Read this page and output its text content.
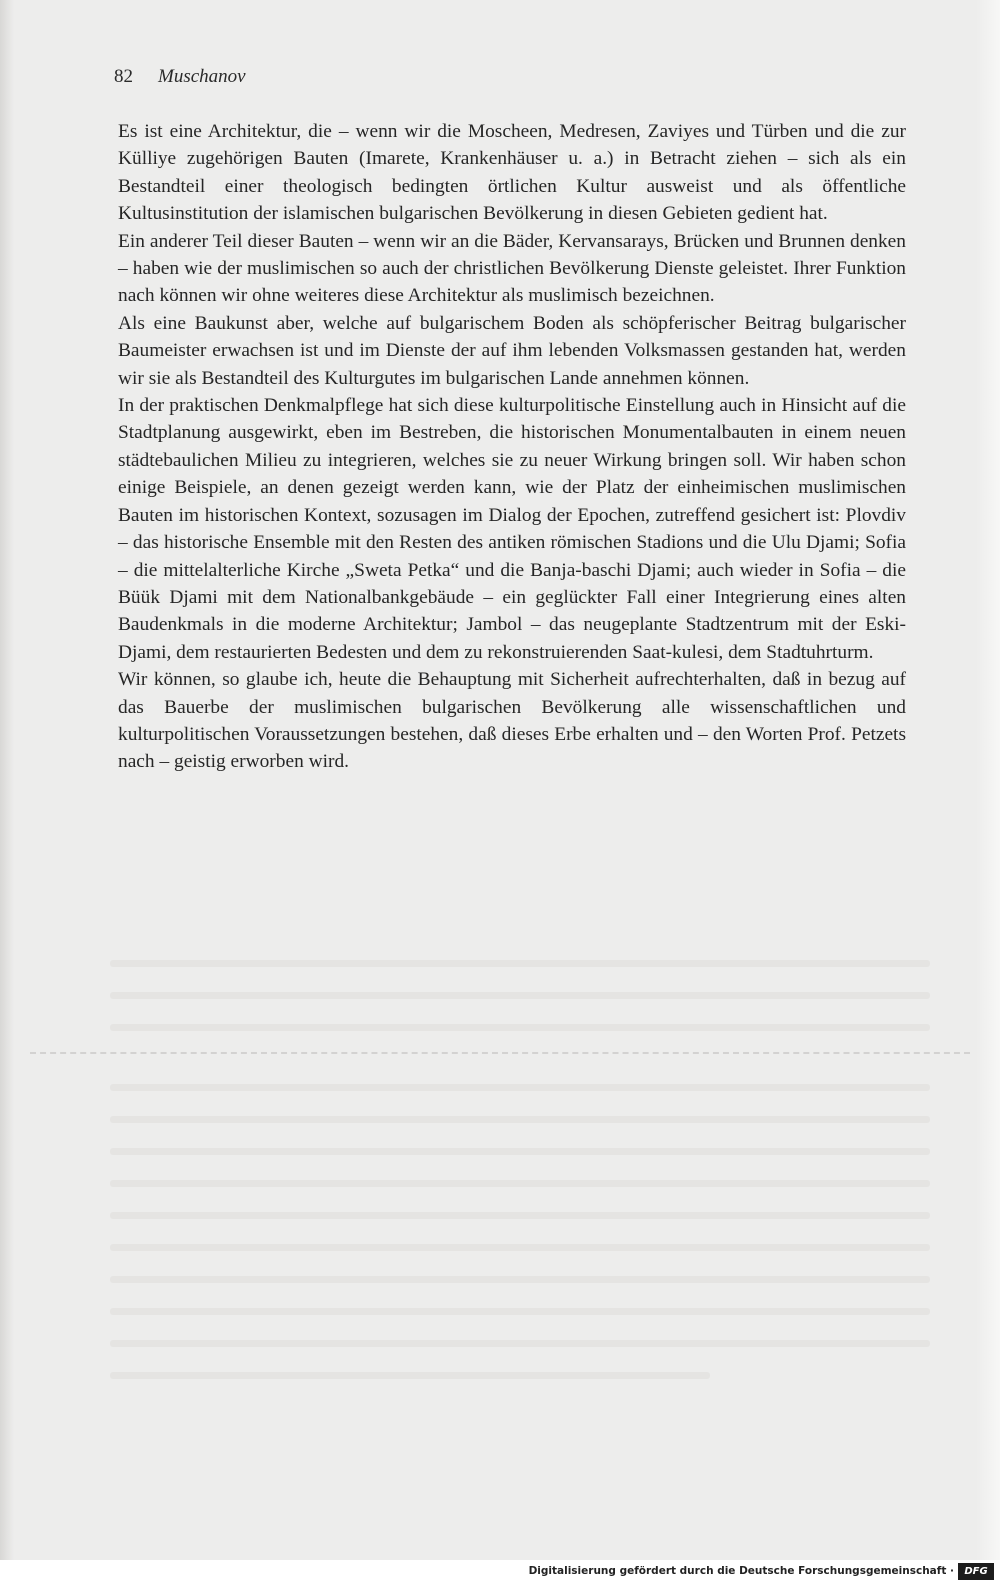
82 Muschanov

Es ist eine Architektur, die – wenn wir die Moscheen, Medresen, Zaviyes und Türben und die zur Külliye zugehörigen Bauten (Imarete, Krankenhäuser u. a.) in Betracht ziehen – sich als ein Bestandteil einer theologisch bedingten örtlichen Kultur ausweist und als öffentliche Kultusinstitution der islamischen bulgarischen Bevölkerung in diesen Gebieten gedient hat.

Ein anderer Teil dieser Bauten – wenn wir an die Bäder, Kervansarays, Brücken und Brunnen denken – haben wie der muslimischen so auch der christlichen Bevölkerung Dienste geleistet. Ihrer Funktion nach können wir ohne weiteres diese Architektur als muslimisch bezeichnen.

Als eine Baukunst aber, welche auf bulgarischem Boden als schöpferischer Beitrag bulgarischer Baumeister erwachsen ist und im Dienste der auf ihm lebenden Volksmassen gestanden hat, werden wir sie als Bestandteil des Kulturgutes im bulgarischen Lande annehmen können.

In der praktischen Denkmalpflege hat sich diese kulturpolitische Einstellung auch in Hinsicht auf die Stadtplanung ausgewirkt, eben im Bestreben, die historischen Monumentalbauten in einem neuen städtebaulichen Milieu zu integrieren, welches sie zu neuer Wirkung bringen soll. Wir haben schon einige Beispiele, an denen gezeigt werden kann, wie der Platz der einheimischen muslimischen Bauten im historischen Kontext, sozusagen im Dialog der Epochen, zutreffend gesichert ist: Plovdiv – das historische Ensemble mit den Resten des antiken römischen Stadions und die Ulu Djami; Sofia – die mittelalterliche Kirche „Sweta Petka“ und die Banja-baschi Djami; auch wieder in Sofia – die Büük Djami mit dem Nationalbankgebäude – ein geglückter Fall einer Integrierung eines alten Baudenkmals in die moderne Architektur; Jambol – das neugeplante Stadtzentrum mit der Eski-Djami, dem restaurierten Bedesten und dem zu rekonstruierenden Saat-kulesi, dem Stadtuhrturm.

Wir können, so glaube ich, heute die Behauptung mit Sicherheit aufrechterhalten, daß in bezug auf das Bauerbe der muslimischen bulgarischen Bevölkerung alle wissenschaftlichen und kulturpolitischen Voraussetzungen bestehen, daß dieses Erbe erhalten und – den Worten Prof. Petzets nach – geistig erworben wird.

Digitalisierung gefördert durch die Deutsche Forschungsgemeinschaft ·	DFG
